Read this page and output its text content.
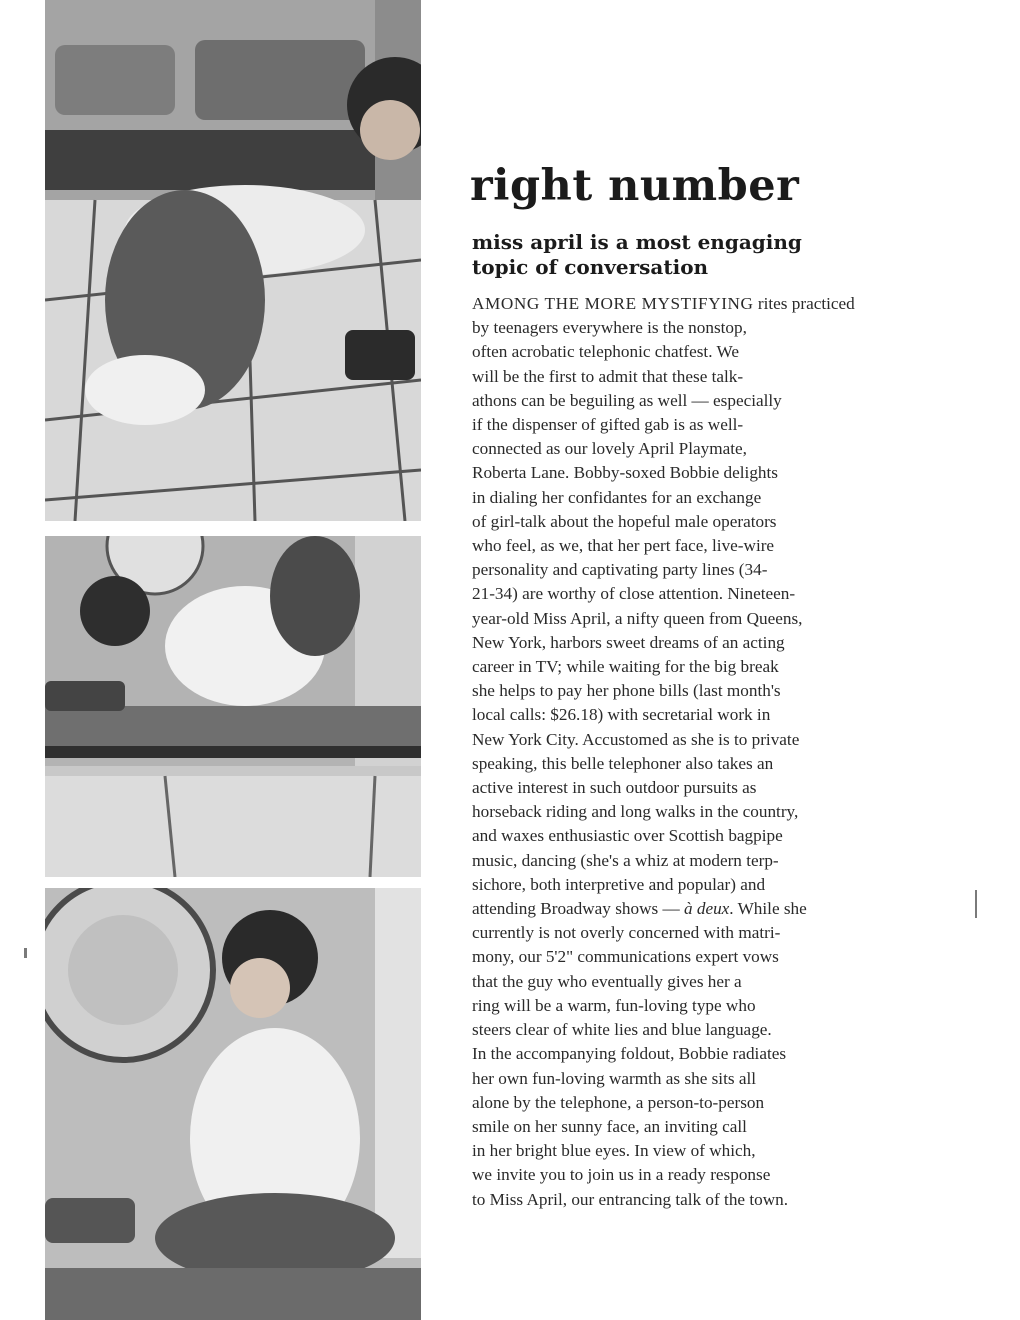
right number
miss april is a most engaging
topic of conversation
AMONG THE MORE MYSTIFYING rites practiced
by teenagers everywhere is the nonstop,
often acrobatic telephonic chatfest. We
will be the first to admit that these talk-
athons can be beguiling as well — especially
if the dispenser of gifted gab is as well-
connected as our lovely April Playmate,
Roberta Lane. Bobby-soxed Bobbie delights
in dialing her confidantes for an exchange
of girl-talk about the hopeful male operators
who feel, as we, that her pert face, live-wire
personality and captivating party lines (34-
21-34) are worthy of close attention. Nineteen-
year-old Miss April, a nifty queen from Queens,
New York, harbors sweet dreams of an acting
career in TV; while waiting for the big break
she helps to pay her phone bills (last month's
local calls: $26.18) with secretarial work in
New York City. Accustomed as she is to private
speaking, this belle telephoner also takes an
active interest in such outdoor pursuits as
horseback riding and long walks in the country,
and waxes enthusiastic over Scottish bagpipe
music, dancing (she's a whiz at modern terp-
sichore, both interpretive and popular) and
attending Broadway shows — à deux. While she
currently is not overly concerned with matri-
mony, our 5'2" communications expert vows
that the guy who eventually gives her a
ring will be a warm, fun-loving type who
steers clear of white lies and blue language.
In the accompanying foldout, Bobbie radiates
her own fun-loving warmth as she sits all
alone by the telephone, a person-to-person
smile on her sunny face, an inviting call
in her bright blue eyes. In view of which,
we invite you to join us in a ready response
to Miss April, our entrancing talk of the town.
